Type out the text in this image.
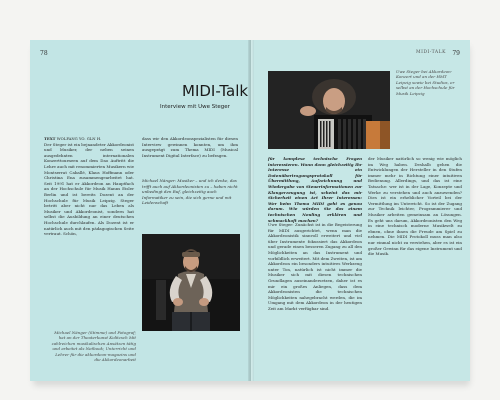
78
MIDI-Talk
Interview mit Uwe Steger
TEXT WOLFANG YO. GLN H.
Der Steger ist ein bejnandeter Akkordeonist und Musiker, der neben seinen ausgedehnten internationalen Konzerttourneen auf dem Dao Auftritt die Lehre auch mit renommierten Musikern wie Montserrat Caballé, Klaus Hoffmann oder Christina Ena zusammengearbeitet hat. Seit 1991 hat er Akkordeon an Hauptfach an der Hochschule für Musik Hanns Eisler Berlin und ist bereits Dozent an der Hochschule für Musik Leipzig. Steger betritt aber nicht nur das Leben als Musiker und Akkordeonist, sondern hat selbst die Ausbildung an einer deutschen Hochschule durchlaufen. Als Dozent ist er natürlich auch mit den pädagogischen Seite vertraut. Schön,
dass wir den Akkordeonspezialisten für diesen Interview gewinnen konnten, um ihm ausgeprägt zum Thema MIDI (Musical Instrument Digital Interface) zu befragen.
Michael Nänger: Musiker – und ich denke, das trifft auch auf Akkordeonisten zu – haben nicht unbedingt den Ruf, gleichzeitig auch Informatiker zu sein, die sich gerne und mit Leidenschaft
Michael Nänger (Stimme) und Fotograf; hat an der Theaterkunst Kolitzsch Mit zahlreichen musikalischen Ansätzen tätig und arbeitet als Netbook; Unterricht und Lehrer für die akkordeon-magazins und die Akkordeonarbeit
MIDI-TALK 79
Uwe Steger bei Akkordeon-Konzert und an der HMT Leipzig sowie bei Studios, er selbst an der Hochschule für Musik Leipzig
für komplexe technische Fragen interessieren. Wann dann gleichzeitig Ihr Interesse ein Datenübertragungsprotokoll für Übermittlung, Aufzeichnung und Wiedergabe von Steuerinformationen zur Klangerzeugung ist, scheint das mir Sicherheit einen Art Ihrer Interessen: Wer beim Thema MIDI geht es genau darum. Wie würden Sie das einem technischen Neuling erklären und schmackhaft machen?
Uwe Steger: Zunächst ist in die Begeisterung für MIDI ausgerichtet, wenn man die Akkordeonistik sinnvoll erweitert und viel über Instrumente fokussiert das Akkordeon und gerade einen besseren Zugang zu all den Möglichkeiten an das Instrument und vorbildlich erweitert. Mit dem Zweiten, ist am Akkordeon ein besonders intuitives Werkzeug unter Ton, natürlich ist nicht immer die Musiker sich mit diesen technischen Grundlagen auseinandersetzen, daher ist es mir ein großes Anliegen, dass dem Akkordeonisten die technischen Möglichkeiten nahegebracht werden, die im Umgang mit dem Akkordeon in der heutigen Zeit am Markt verfügbar sind.
der Musiker natürlich so wenig wie möglich im Weg haben. Deshalb gehen die Entwicklungen der Hersteller in den Stufen immer mehr in Richtung einer intuitiven Bedienung. Allerdings, und das ist eine Tatsache: wer ist in der Lage, Konzepte und Werke zu verstehen und auch anzuwenden? Dies ist ein erheblicher Vorteil bei der Vermittlung im Unterricht. So ist der Zugang zur Technik leichter, Programmierer und Musiker arbeiten gemeinsam an Lösungen. Es geht uns darum, Akkordeonisten den Weg in eine technisch moderne Musikwelt zu ebnen, ohne ihnen die Freude am Spiel zu nehmen. Die MIDI Protokoll muss man also nur einmal nicht zu verstehen, aber es ist ein großer Gewinn für das eigene Instrument und die Musik.
